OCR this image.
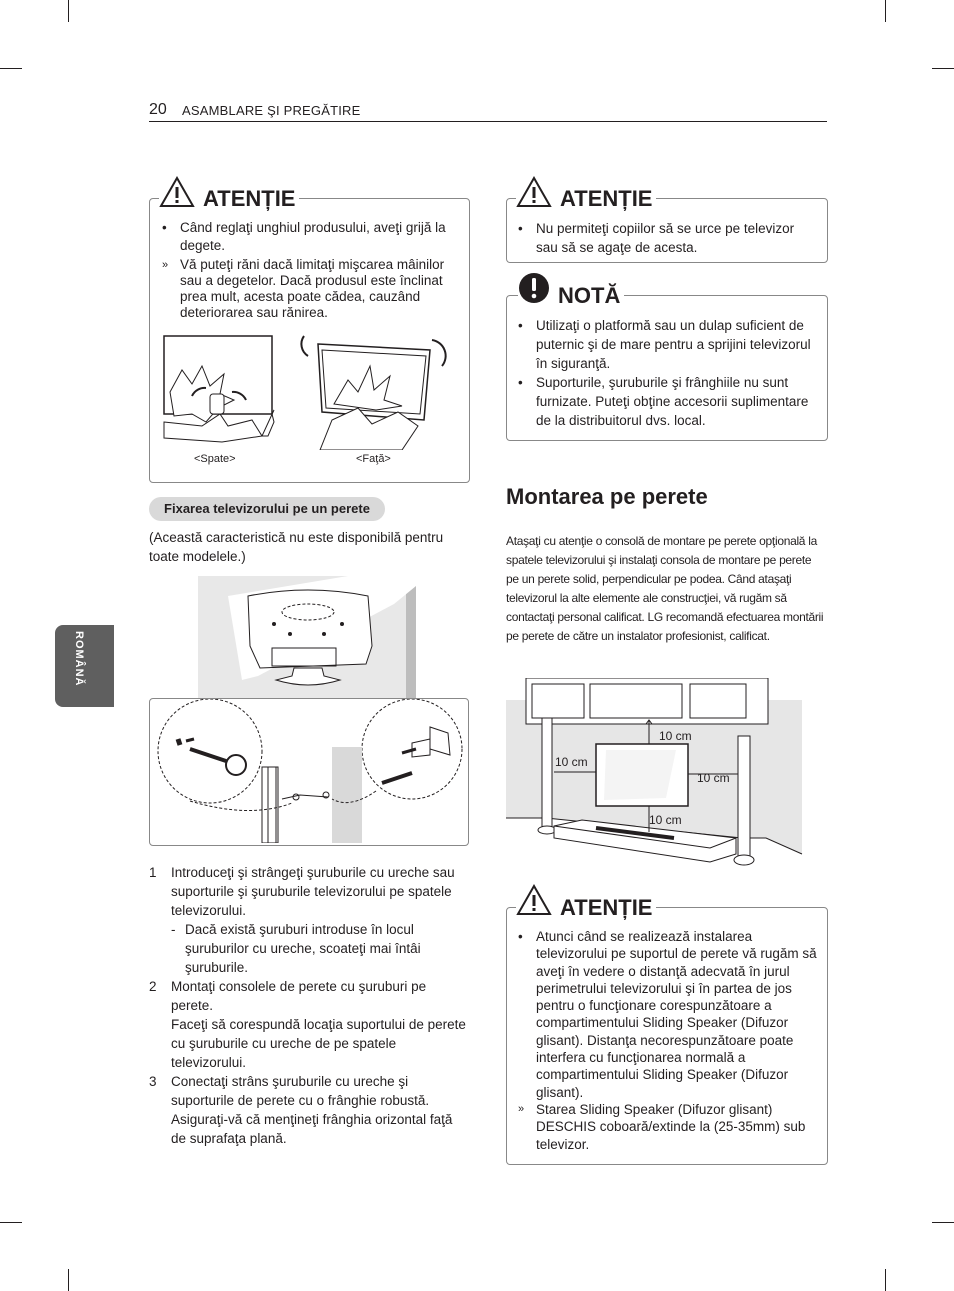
20 ASAMBLARE ŞI PREGĂTIRE
ROMÂNĂ
ATENȚIE
• Când reglaţi unghiul produsului, aveţi grijă la degete.
» Vă puteţi răni dacă limitaţi mişcarea mâinilor sau a degetelor. Dacă produsul este înclinat prea mult, acesta poate cădea, cauzând deteriorarea sau rănirea.
<Spate>	<Faţă>
Fixarea televizorului pe un perete
(Această caracteristică nu este disponibilă pentru toate modelele.)
1 Introduceţi şi strângeţi şuruburile cu ureche sau suporturile şi şuruburile televizorului pe spatele televizorului.
- Dacă există şuruburi introduse în locul şuruburilor cu ureche, scoateţi mai întâi şuruburile.
2 Montaţi consolele de perete cu şuruburi pe perete.
Faceţi să corespundă locaţia suportului de perete cu şuruburile cu ureche de pe spatele televizorului.
3 Conectaţi strâns şuruburile cu ureche şi suporturile de perete cu o frânghie robustă.
Asiguraţi-vă că menţineţi frânghia orizontal faţă de suprafaţa plană.
ATENȚIE
• Nu permiteţi copiilor să se urce pe televizor sau să se agaţe de acesta.
NOTĂ
• Utilizaţi o platformă sau un dulap suficient de puternic şi de mare pentru a sprijini televizorul în siguranţă.
• Suporturile, şuruburile şi frânghiile nu sunt furnizate. Puteţi obţine accesorii suplimentare de la distribuitorul dvs. local.
Montarea pe perete
Ataşaţi cu atenţie o consolă de montare pe perete opţională la spatele televizorului şi instalaţi consola de montare pe perete pe un perete solid, perpendicular pe podea. Când ataşaţi televizorul la alte elemente ale construcţiei, vă rugăm să contactaţi personal calificat. LG recomandă efectuarea montării pe perete de către un instalator profesionist, calificat.
10 cm
10 cm
10 cm
10 cm
ATENȚIE
• Atunci când se realizează instalarea televizorului pe suportul de perete vă rugăm să aveţi în vedere o distanţă adecvată în jurul perimetrului televizorului şi în partea de jos pentru o funcţionare corespunzătoare a compartimentului Sliding Speaker (Difuzor glisant). Distanţa necorespunzătoare poate interfera cu funcţionarea normală a compartimentului Sliding Speaker (Difuzor glisant).
» Starea Sliding Speaker (Difuzor glisant) DESCHIS coboară/extinde la (25-35mm) sub televizor.
